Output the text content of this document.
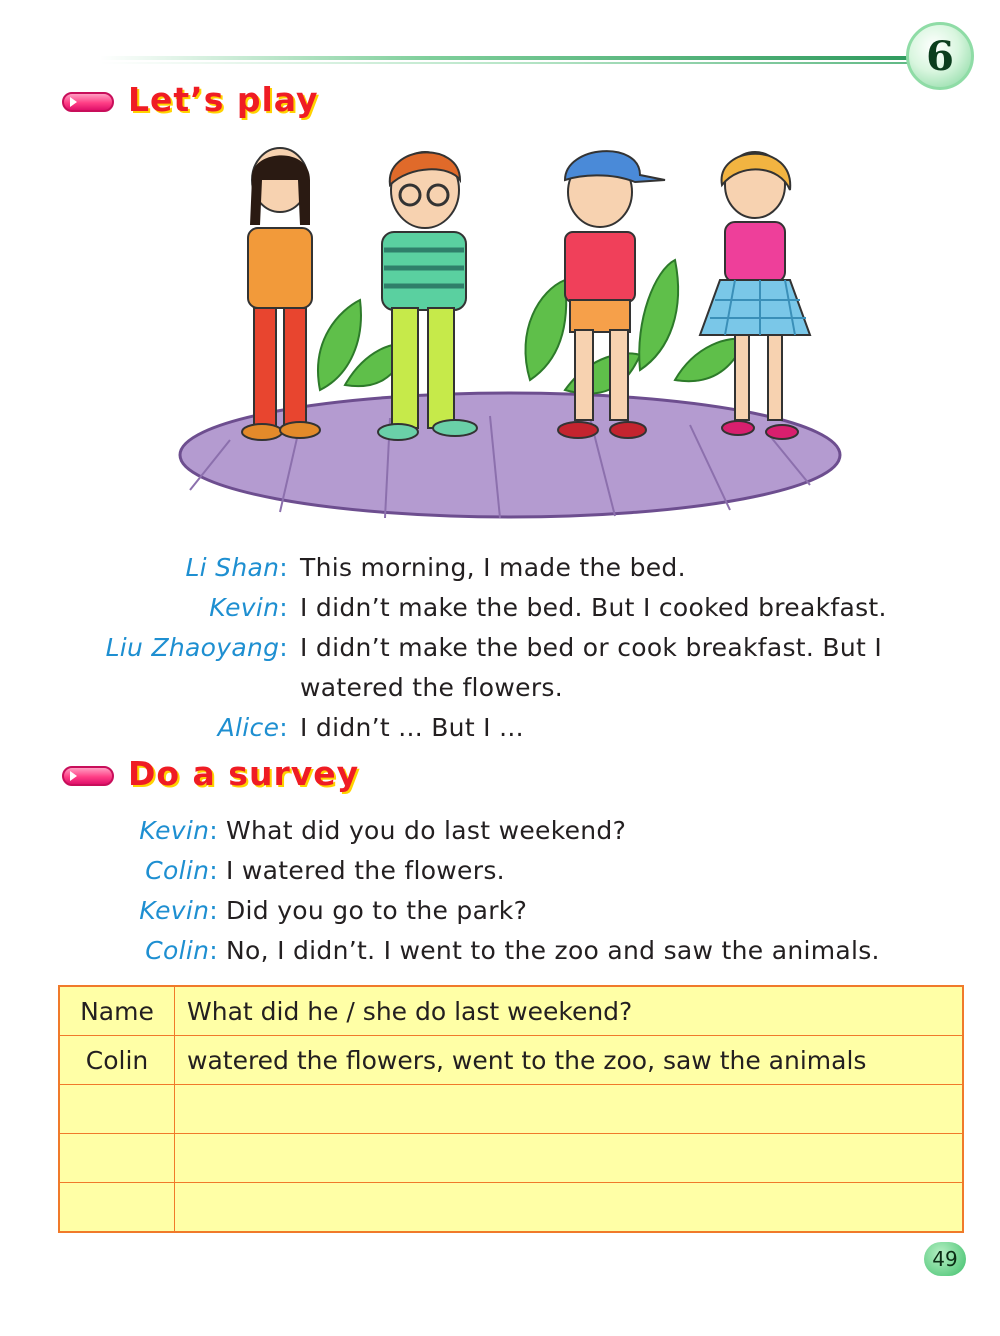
6
Let’s play
Li Shan: This morning, I made the bed.
Kevin: I didn’t make the bed. But I cooked breakfast.
Liu Zhaoyang: I didn’t make the bed or cook breakfast. But I
watered the flowers.
Alice: I didn’t ... But I ...
Do a survey
Kevin: What did you do last weekend?
Colin: I watered the flowers.
Kevin: Did you go to the park?
Colin: No, I didn’t. I went to the zoo and saw the animals.
Name	What did he / she do last weekend?
Colin	watered the flowers, went to the zoo, saw the animals

49
